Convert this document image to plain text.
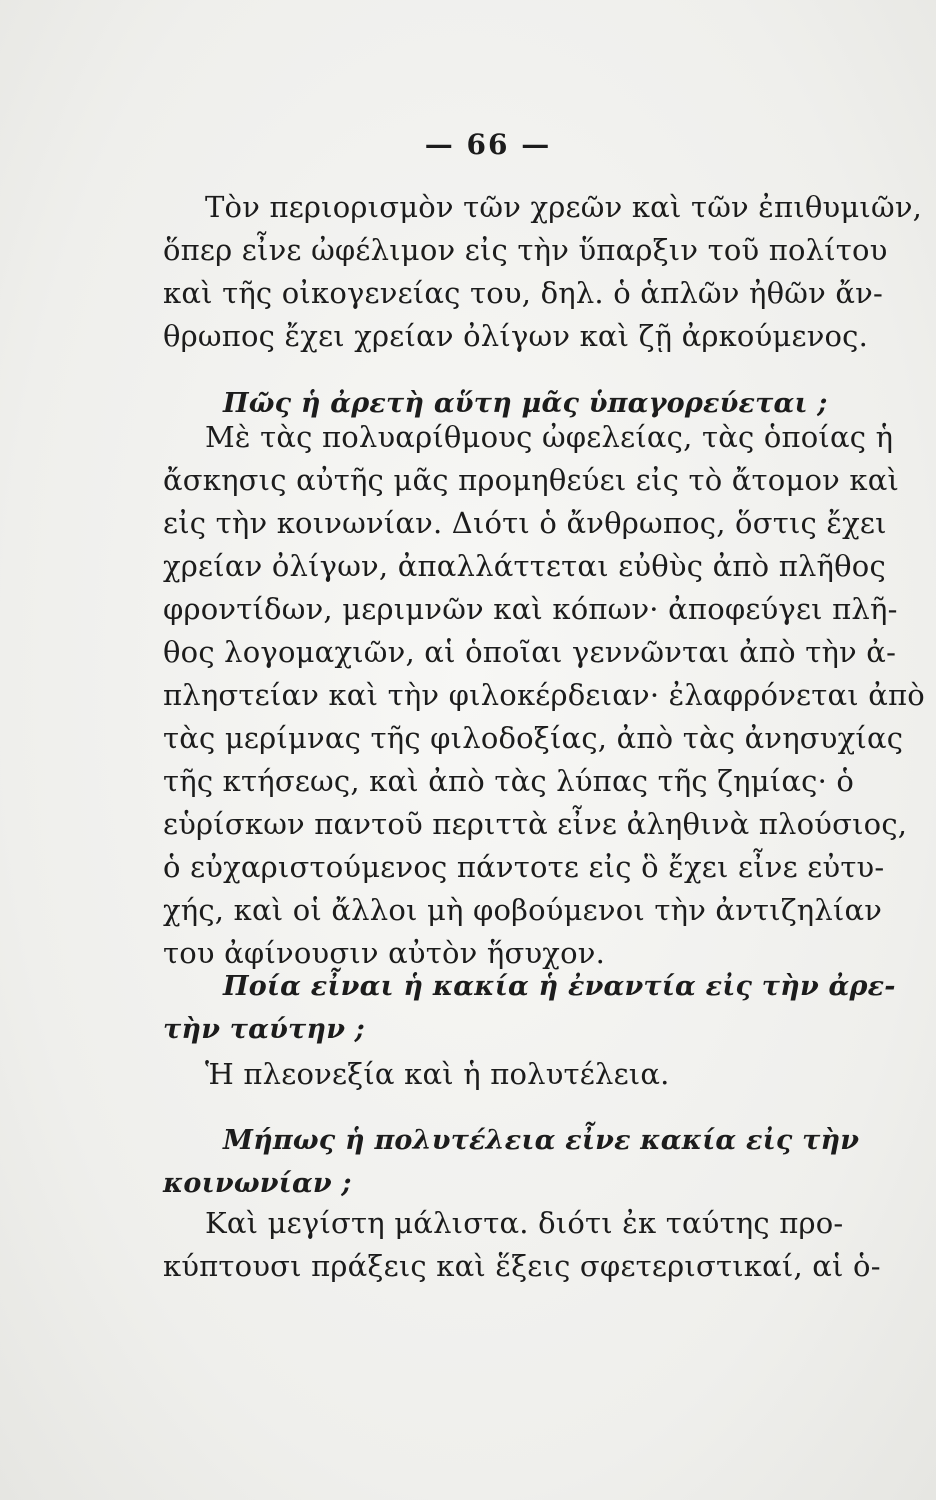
— 66 —
Τὸν περιορισμὸν τῶν χρεῶν καὶ τῶν ἐπιθυμιῶν,
ὅπερ εἶνε ὠφέλιμον εἰς τὴν ὕπαρξιν τοῦ πολίτου
καὶ τῆς οἰκογενείας του, δηλ. ὁ ἁπλῶν ἠθῶν ἄν-
θρωπος ἔχει χρείαν ὀλίγων καὶ ζῇ ἀρκούμενος.
Πῶς ἡ ἀρετὴ αὕτη μᾶς ὑπαγορεύεται ;
Μὲ τὰς πολυαρίθμους ὠφελείας, τὰς ὁποίας ἡ
ἄσκησις αὐτῆς μᾶς προμηθεύει εἰς τὸ ἄτομον καὶ
εἰς τὴν κοινωνίαν. Διότι ὁ ἄνθρωπος, ὅστις ἔχει
χρείαν ὀλίγων, ἀπαλλάττεται εὐθὺς ἀπὸ πλῆθος
φροντίδων, μεριμνῶν καὶ κόπων· ἀποφεύγει πλῆ-
θος λογομαχιῶν, αἱ ὁποῖαι γεννῶνται ἀπὸ τὴν ἀ-
πληστείαν καὶ τὴν φιλοκέρδειαν· ἐλαφρόνεται ἀπὸ
τὰς μερίμνας τῆς φιλοδοξίας, ἀπὸ τὰς ἀνησυχίας
τῆς κτήσεως, καὶ ἀπὸ τὰς λύπας τῆς ζημίας· ὁ
εὑρίσκων παντοῦ περιττὰ εἶνε ἀληθινὰ πλούσιος,
ὁ εὐχαριστούμενος πάντοτε εἰς ὃ ἔχει εἶνε εὐτυ-
χής, καὶ οἱ ἄλλοι μὴ φοβούμενοι τὴν ἀντιζηλίαν
του ἀφίνουσιν αὐτὸν ἥσυχον.
Ποία εἶναι ἡ κακία ἡ ἐναντία εἰς τὴν ἀρε-
τὴν ταύτην ;
Ἡ πλεονεξία καὶ ἡ πολυτέλεια.
Μήπως ἡ πολυτέλεια εἶνε κακία εἰς τὴν
κοινωνίαν ;
Καὶ μεγίστη μάλιστα. διότι ἐκ ταύτης προ-
κύπτουσι πράξεις καὶ ἕξεις σφετεριστικαί, αἱ ὁ-
